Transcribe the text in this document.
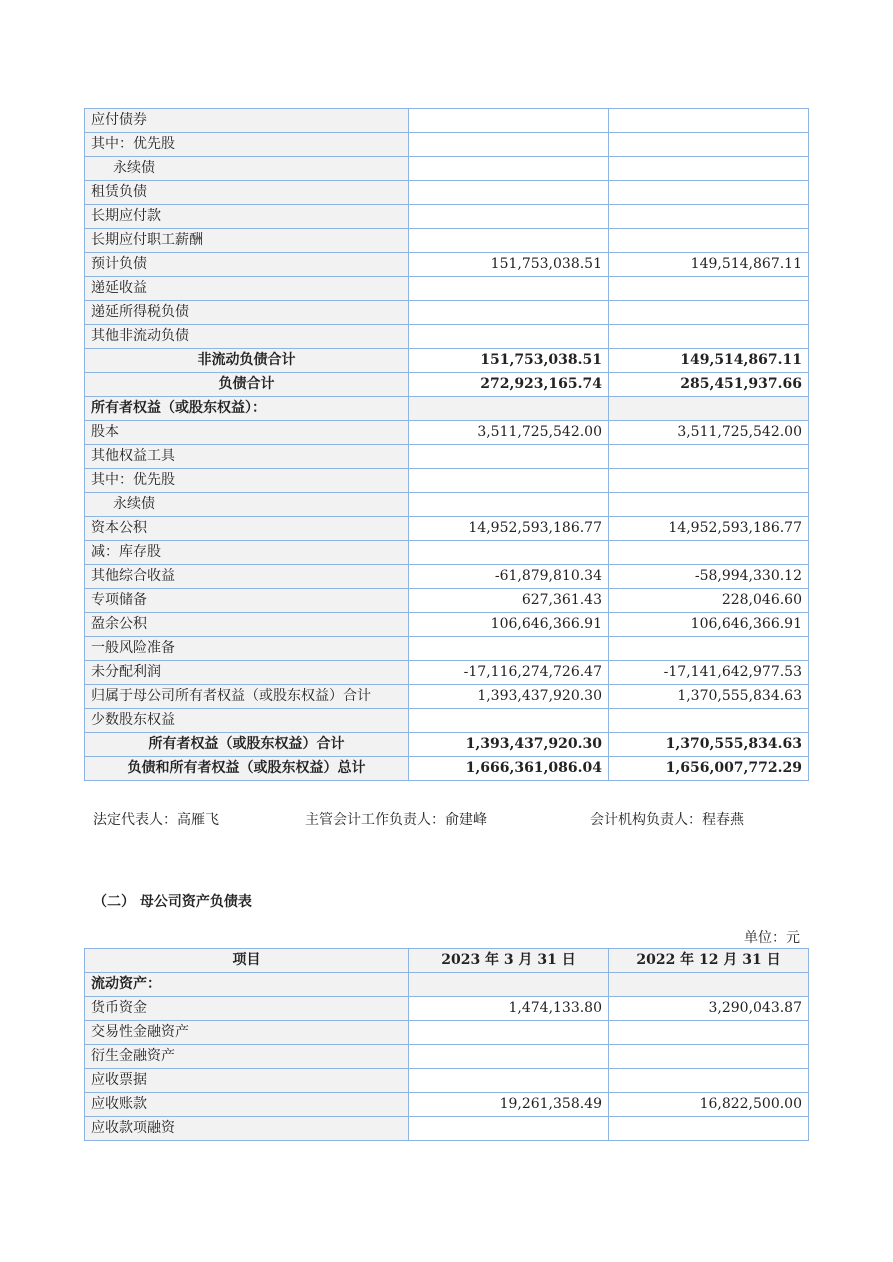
应付债券		
其中：优先股		
永续债		
租赁负债		
长期应付款		
长期应付职工薪酬		
预计负债	151,753,038.51	149,514,867.11
递延收益		
递延所得税负债		
其他非流动负债		
非流动负债合计	151,753,038.51	149,514,867.11
负债合计	272,923,165.74	285,451,937.66
所有者权益（或股东权益）：		
股本	3,511,725,542.00	3,511,725,542.00
其他权益工具		
其中：优先股		
永续债		
资本公积	14,952,593,186.77	14,952,593,186.77
减：库存股		
其他综合收益	-61,879,810.34	-58,994,330.12
专项储备	627,361.43	228,046.60
盈余公积	106,646,366.91	106,646,366.91
一般风险准备		
未分配利润	-17,116,274,726.47	-17,141,642,977.53
归属于母公司所有者权益（或股东权益）合计	1,393,437,920.30	1,370,555,834.63
少数股东权益		
所有者权益（或股东权益）合计	1,393,437,920.30	1,370,555,834.63
负债和所有者权益（或股东权益）总计	1,666,361,086.04	1,656,007,772.29
法定代表人：高雁飞	主管会计工作负责人：俞建峰	会计机构负责人：程春燕
（二） 母公司资产负债表
单位：元
项目	2023 年 3 月 31 日	2022 年 12 月 31 日
流动资产：		
货币资金	1,474,133.80	3,290,043.87
交易性金融资产		
衍生金融资产		
应收票据		
应收账款	19,261,358.49	16,822,500.00
应收款项融资		
